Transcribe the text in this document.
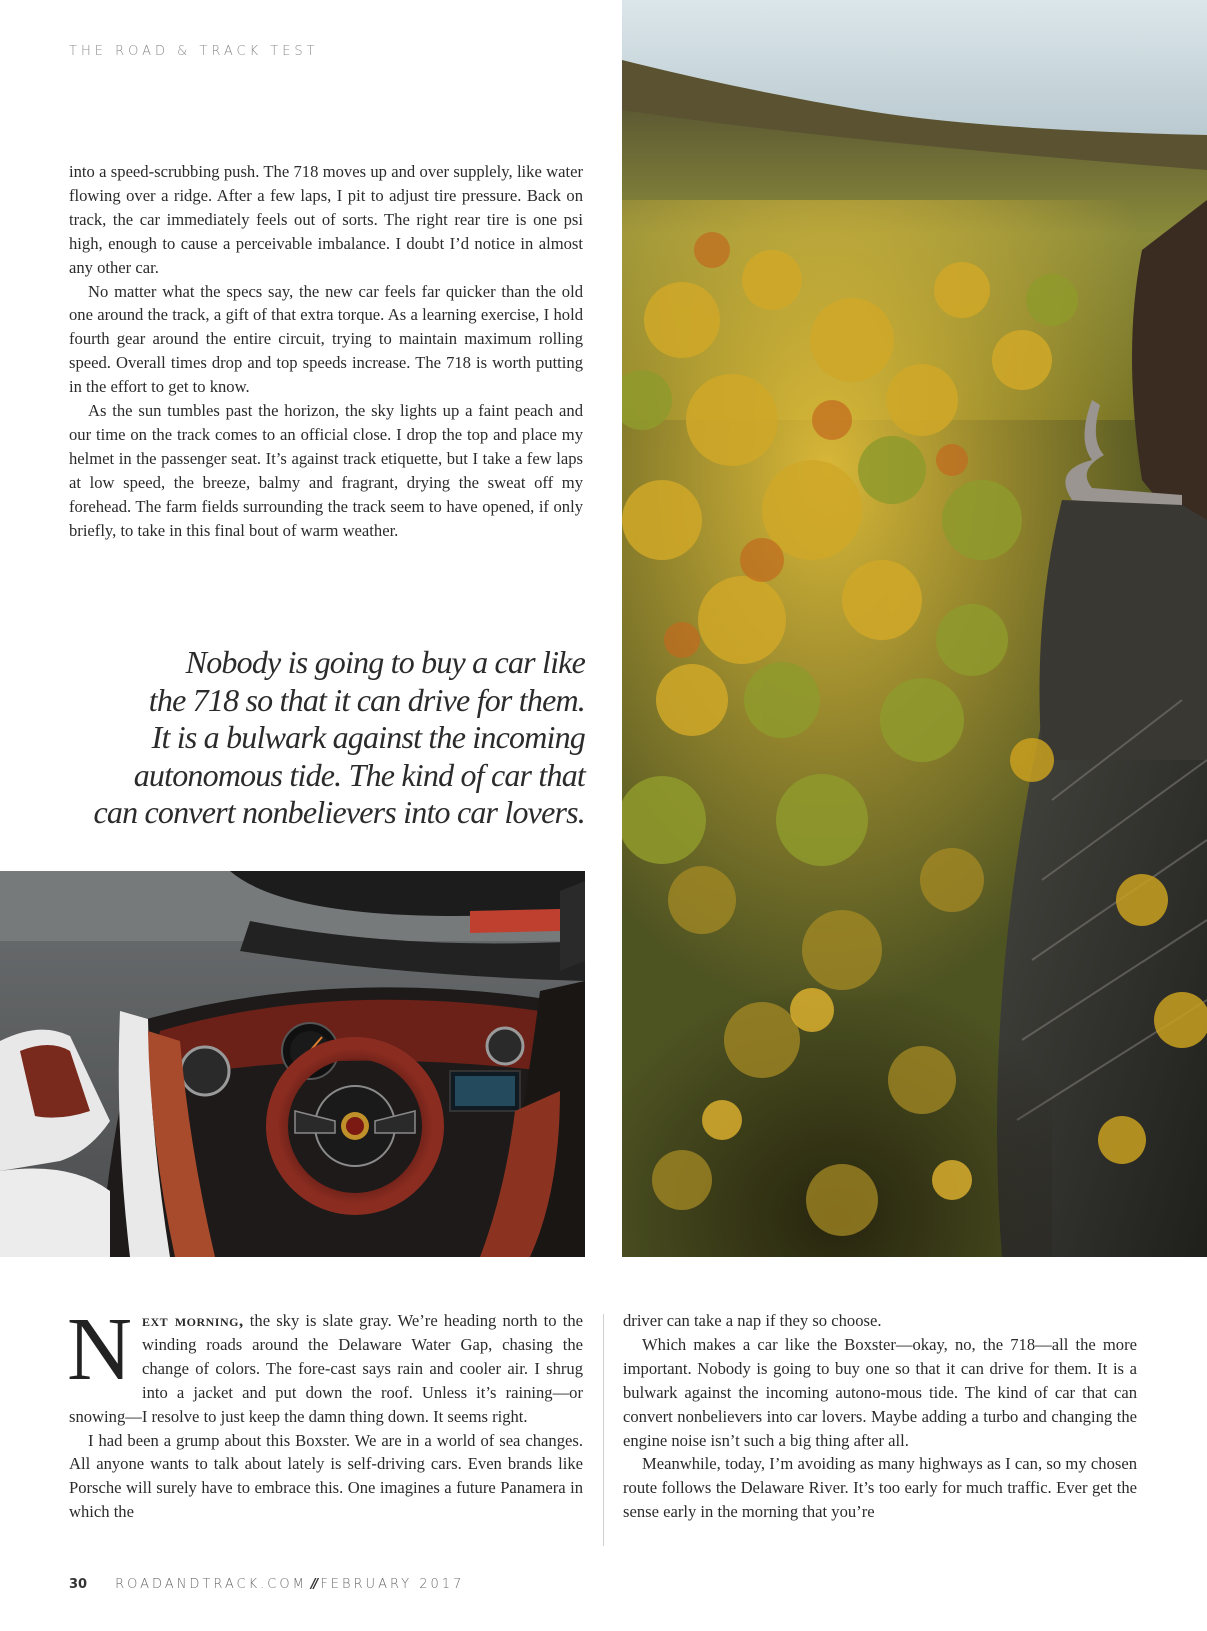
THE ROAD & TRACK TEST

into a speed-scrubbing push. The 718 moves up and over supplely, like water flowing over a ridge. After a few laps, I pit to adjust tire pressure. Back on track, the car immediately feels out of sorts. The right rear tire is one psi high, enough to cause a perceivable imbalance. I doubt I’d notice in almost any other car.

No matter what the specs say, the new car feels far quicker than the old one around the track, a gift of that extra torque. As a learning exercise, I hold fourth gear around the entire circuit, trying to maintain maximum rolling speed. Overall times drop and top speeds increase. The 718 is worth putting in the effort to get to know.

As the sun tumbles past the horizon, the sky lights up a faint peach and our time on the track comes to an official close. I drop the top and place my helmet in the passenger seat. It’s against track etiquette, but I take a few laps at low speed, the breeze, balmy and fragrant, drying the sweat off my forehead. The farm fields surrounding the track seem to have opened, if only briefly, to take in this final bout of warm weather.

Nobody is going to buy a car like
the 718 so that it can drive for them.
It is a bulwark against the incoming
autonomous tide. The kind of car that
can convert nonbelievers into car lovers.

Next morning, the sky is slate gray. We’re heading north to the winding roads around the Delaware Water Gap, chasing the change of colors. The fore-cast says rain and cooler air. I shrug into a jacket and put down the roof. Unless it’s raining—or snowing—I resolve to just keep the damn thing down. It seems right.

I had been a grump about this Boxster. We are in a world of sea changes. All anyone wants to talk about lately is self-driving cars. Even brands like Porsche will surely have to embrace this. One imagines a future Panamera in which the

driver can take a nap if they so choose.

Which makes a car like the Boxster—okay, no, the 718—all the more important. Nobody is going to buy one so that it can drive for them. It is a bulwark against the incoming autono-mous tide. The kind of car that can convert nonbelievers into car lovers. Maybe adding a turbo and changing the engine noise isn’t such a big thing after all.

Meanwhile, today, I’m avoiding as many highways as I can, so my chosen route follows the Delaware River. It’s too early for much traffic. Ever get the sense early in the morning that you’re

30 ROADANDTRACK.COM // FEBRUARY 2017
